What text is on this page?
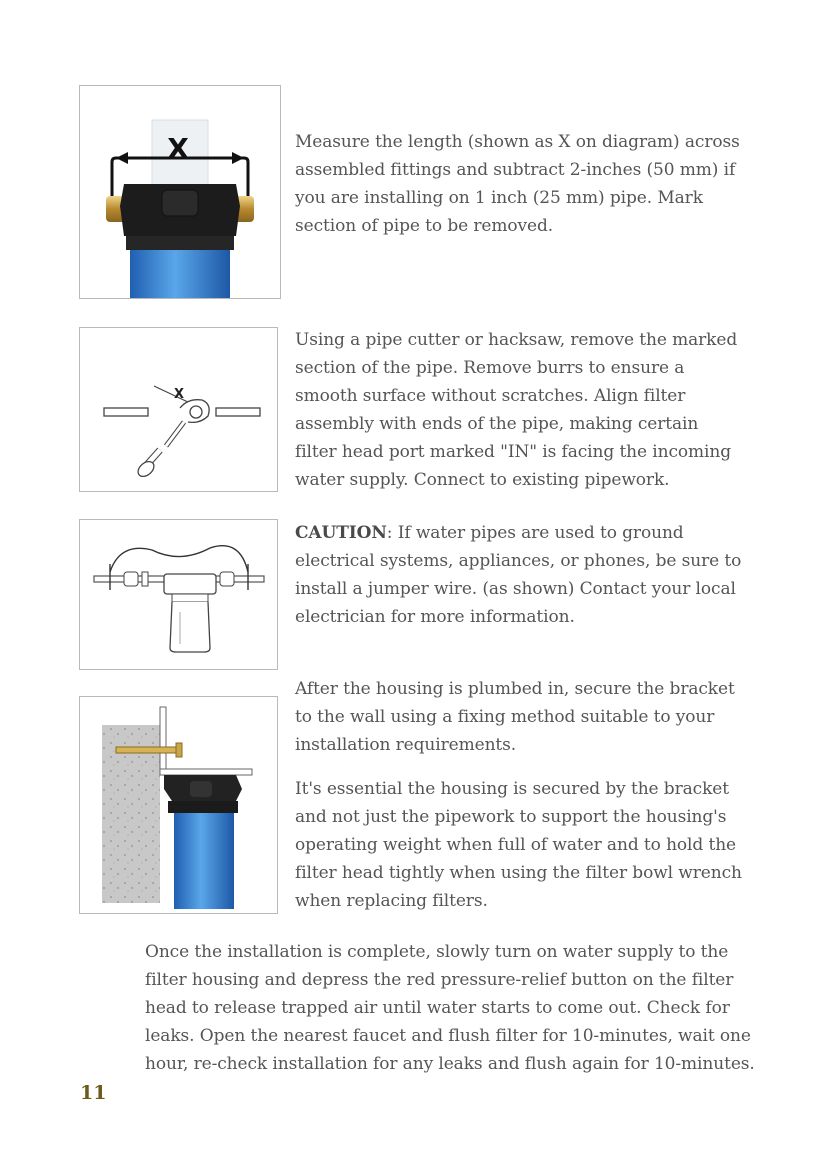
X	Measure the length (shown as X on diagram) across assembled fittings and subtract 2-inches (50 mm) if you are installing on 1 inch (25 mm) pipe. Mark section of pipe to be removed.
X
Using a pipe cutter or hacksaw, remove the marked section of the pipe. Remove burrs to ensure a smooth surface without scratches. Align filter assembly with ends of the pipe, making certain filter head port marked "IN" is facing the incoming water supply. Connect to existing pipework.
CAUTION: If water pipes are used to ground electrical systems, appliances, or phones, be sure to install a jumper wire. (as shown) Contact your local electrician for more information.

After the housing is plumbed in, secure the bracket to the wall using a fixing method suitable to your installation requirements.

It's essential the housing is secured by the bracket and not just the pipework to support the housing's operating weight when full of water and to hold the filter head tightly when using the filter bowl wrench when replacing filters.

Once the installation is complete, slowly turn on water supply to the filter housing and depress the red pressure-relief button on the filter head to release trapped air until water starts to come out. Check for leaks. Open the nearest faucet and flush filter for 10-minutes, wait one hour, re-check installation for any leaks and flush again for 10-minutes.
11
